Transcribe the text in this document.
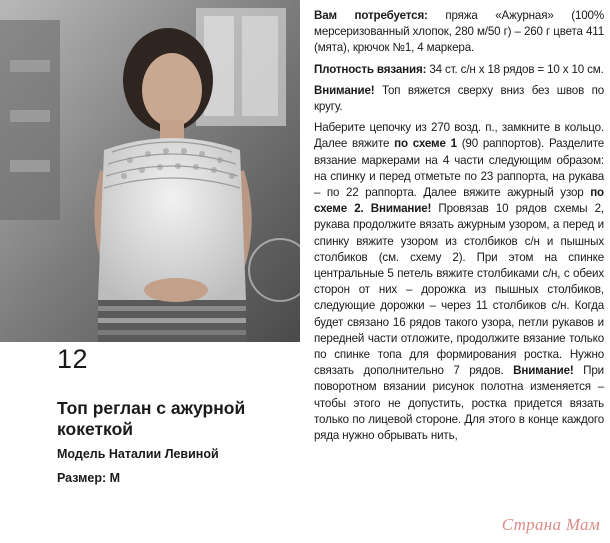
12
Топ реглан с ажурной кокеткой
Модель Наталии Левиной
Размер: М

Вам потребуется: пряжа «Ажурная» (100% мерсеризованный хлопок, 280 м/50 г) – 260 г цвета 411 (мята), крючок №1, 4 маркера.

Плотность вязания: 34 ст. с/н х 18 рядов = 10 х 10 см.

Внимание! Топ вяжется сверху вниз без швов по кругу.

Наберите цепочку из 270 возд. п., замкните в кольцо. Далее вяжите по схеме 1 (90 раппортов). Разделите вязание маркерами на 4 части следующим образом: на спинку и перед отметьте по 23 раппорта, на рукава – по 22 раппорта. Далее вяжите ажурный узор по схеме 2. Внимание! Провязав 10 рядов схемы 2, рукава продолжите вязать ажурным узором, а перед и спинку вяжите узором из столбиков с/н и пышных столбиков (см. схему 2). При этом на спинке центральные 5 петель вяжите столбиками с/н, с обеих сторон от них – дорожка из пышных столбиков, следующие дорожки – через 11 столбиков с/н. Когда будет связано 16 рядов такого узора, петли рукавов и передней части отложите, продолжите вязание только по спинке топа для формирования ростка. Нужно связать дополнительно 7 рядов. Внимание! При поворотном вязании рисунок полотна изменяется – чтобы этого не допустить, ростка придется вязать только по лицевой стороне. Для этого в конце каждого ряда нужно обрывать нить,

Страна Мам
